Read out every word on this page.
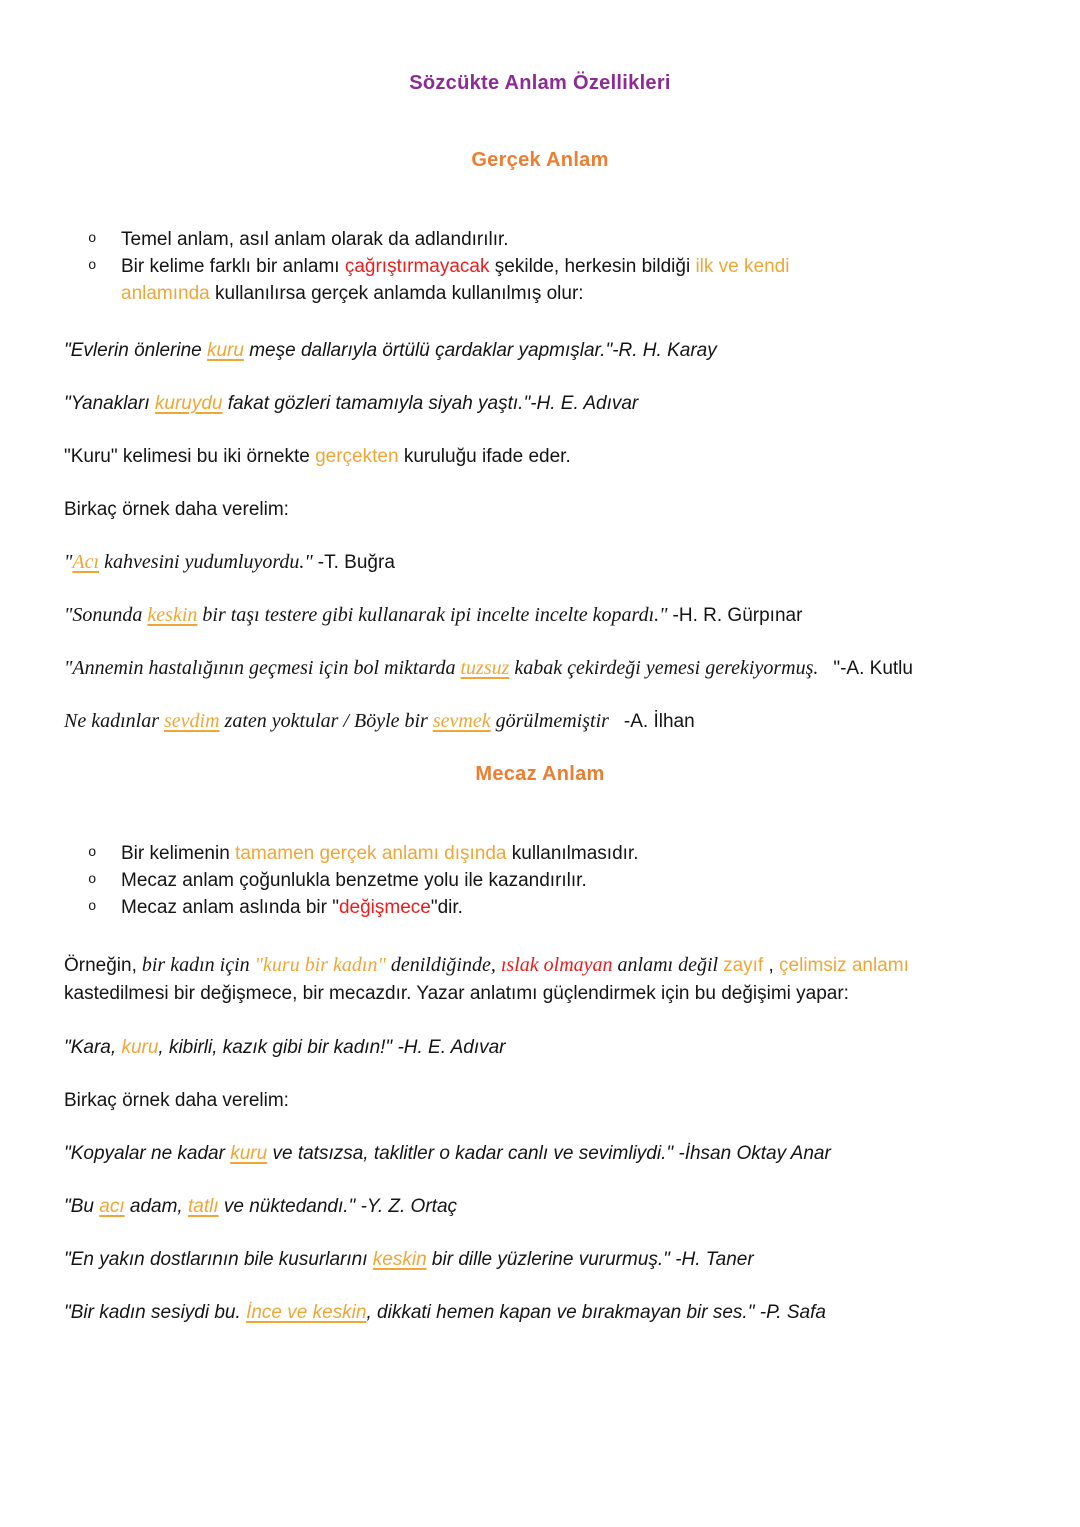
Sözcükte Anlam Özellikleri
Gerçek Anlam
o	Temel anlam, asıl anlam olarak da adlandırılır.
o	Bir kelime farklı bir anlamı çağrıştırmayacak şekilde, herkesin bildiği ilk ve kendi anlamında kullanılırsa gerçek anlamda kullanılmış olur:

"Evlerin önlerine kuru meşe dallarıyla örtülü çardaklar yapmışlar."-R. H. Karay

"Yanakları kuruydu fakat gözleri tamamıyla siyah yaştı."-H. E. Adıvar

"Kuru" kelimesi bu iki örnekte gerçekten kuruluğu ifade eder.

Birkaç örnek daha verelim:

"Acı kahvesini yudumluyordu." -T. Buğra

"Sonunda keskin bir taşı testere gibi kullanarak ipi incelte incelte kopardı." -H. R. Gürpınar

"Annemin hastalığının geçmesi için bol miktarda tuzsuz kabak çekirdeği yemesi gerekiyormuş.   "-A. Kutlu

Ne kadınlar sevdim zaten yoktular / Böyle bir sevmek görülmemiştir   -A. İlhan

Mecaz Anlam
o	Bir kelimenin tamamen gerçek anlamı dışında kullanılmasıdır.
o	Mecaz anlam çoğunlukla benzetme yolu ile kazandırılır.
o	Mecaz anlam aslında bir "değişmece"dir.

Örneğin, bir kadın için "kuru bir kadın" denildiğinde, ıslak olmayan anlamı değil zayıf , çelimsiz anlamı kastedilmesi bir değişmece, bir mecazdır. Yazar anlatımı güçlendirmek için bu değişimi yapar:

"Kara, kuru, kibirli, kazık gibi bir kadın!" -H. E. Adıvar

Birkaç örnek daha verelim:

"Kopyalar ne kadar kuru ve tatsızsa, taklitler o kadar canlı ve sevimliydi." -İhsan Oktay Anar

"Bu acı adam, tatlı ve nüktedandı." -Y. Z. Ortaç

"En yakın dostlarının bile kusurlarını keskin bir dille yüzlerine vururmuş." -H. Taner

"Bir kadın sesiydi bu. İnce ve keskin, dikkati hemen kapan ve bırakmayan bir ses." -P. Safa
